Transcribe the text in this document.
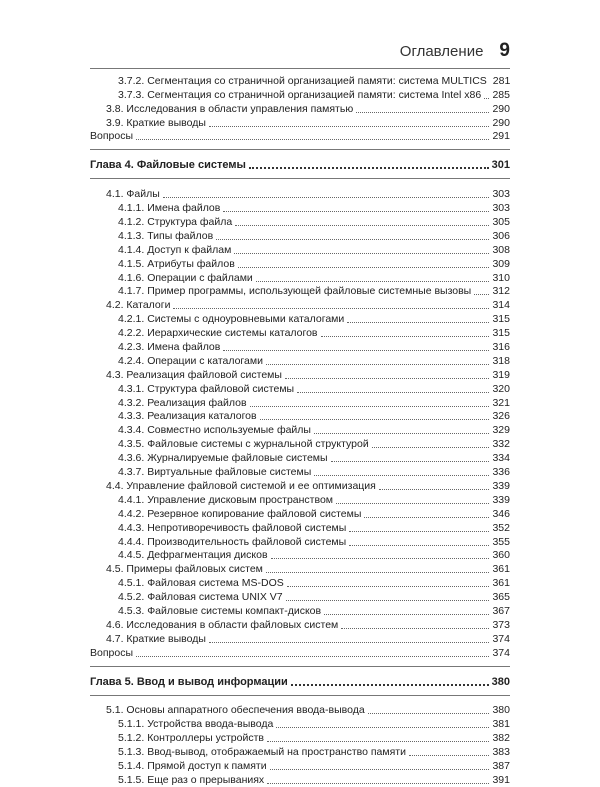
Оглавление 9
3.7.2. Сегментация со страничной организацией памяти: система MULTICS 281
3.7.3. Сегментация со страничной организацией памяти: система Intel x86 285
3.8. Исследования в области управления памятью	290
3.9. Краткие выводы	290
Вопросы	291
Глава 4. Файловые системы	301
4.1. Файлы	303
4.1.1. Имена файлов	303
4.1.2. Структура файла	305
4.1.3. Типы файлов	306
4.1.4. Доступ к файлам	308
4.1.5. Атрибуты файлов	309
4.1.6. Операции с файлами	310
4.1.7. Пример программы, использующей файловые системные вызовы 312
4.2. Каталоги	314
4.2.1. Системы с одноуровневыми каталогами	315
4.2.2. Иерархические системы каталогов	315
4.2.3. Имена файлов	316
4.2.4. Операции с каталогами	318
4.3. Реализация файловой системы	319
4.3.1. Структура файловой системы	320
4.3.2. Реализация файлов	321
4.3.3. Реализация каталогов	326
4.3.4. Совместно используемые файлы	329
4.3.5. Файловые системы с журнальной структурой	332
4.3.6. Журналируемые файловые системы	334
4.3.7. Виртуальные файловые системы	336
4.4. Управление файловой системой и ее оптимизация	339
4.4.1. Управление дисковым пространством	339
4.4.2. Резервное копирование файловой системы	346
4.4.3. Непротиворечивость файловой системы	352
4.4.4. Производительность файловой системы	355
4.4.5. Дефрагментация дисков	360
4.5. Примеры файловых систем	361
4.5.1. Файловая система MS-DOS	361
4.5.2. Файловая система UNIX V7	365
4.5.3. Файловые системы компакт-дисков	367
4.6. Исследования в области файловых систем	373
4.7. Краткие выводы	374
Вопросы	374
Глава 5. Ввод и вывод информации	380
5.1. Основы аппаратного обеспечения ввода-вывода	380
5.1.1. Устройства ввода-вывода	381
5.1.2. Контроллеры устройств	382
5.1.3. Ввод-вывод, отображаемый на пространство памяти	383
5.1.4. Прямой доступ к памяти	387
5.1.5. Еще раз о прерываниях	391
